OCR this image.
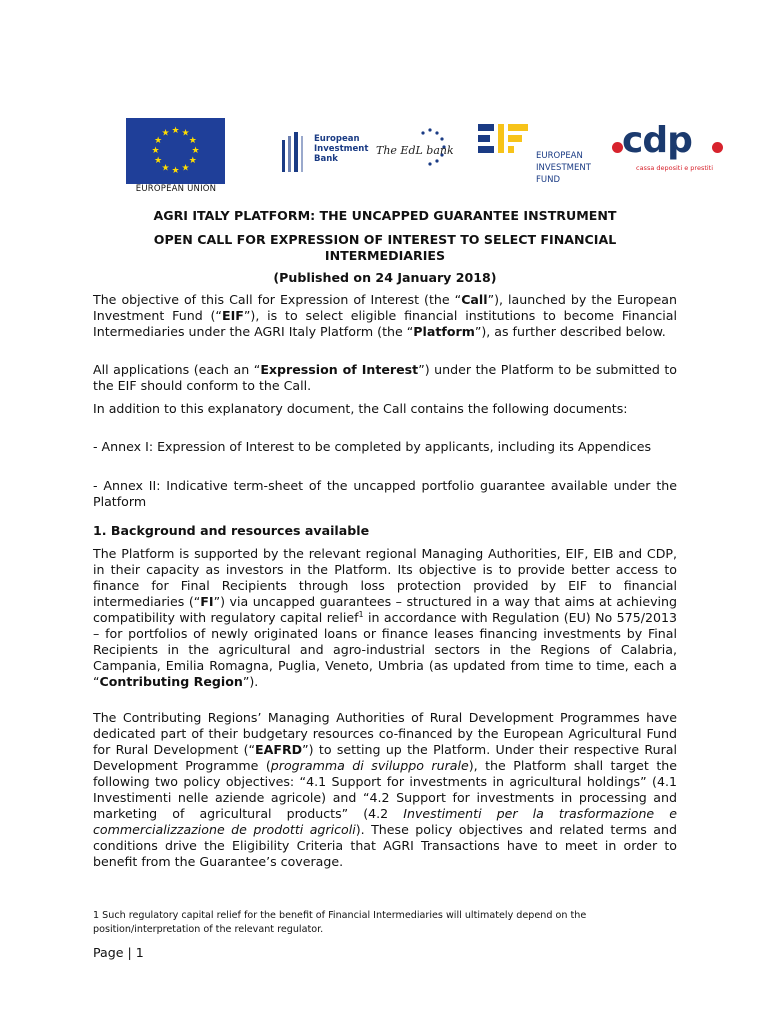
★ ★
★
★
★
★
★
★
★
★
★
★
EUROPEAN UNION
European
Investment
Bank
The EdL bank	EUROPEAN
INVESTMENT
FUND
cdp
cassa depositi e prestiti
AGRI ITALY PLATFORM: THE UNCAPPED GUARANTEE INSTRUMENT
OPEN CALL FOR EXPRESSION OF INTEREST TO SELECT FINANCIAL
INTERMEDIARIES
(Published on 24 January 2018)

The objective of this Call for Expression of Interest (the “Call”), launched by the European Investment Fund (“EIF”), is to select eligible financial institutions to become Financial Intermediaries under the AGRI Italy Platform (the “Platform”), as further described below.

All applications (each an “Expression of Interest”) under the Platform to be submitted to the EIF should conform to the Call.

In addition to this explanatory document, the Call contains the following documents:

- Annex I: Expression of Interest to be completed by applicants, including its Appendices

- Annex II: Indicative term-sheet of the uncapped portfolio guarantee available under the Platform

1. Background and resources available

The Platform is supported by the relevant regional Managing Authorities, EIF, EIB and CDP, in their capacity as investors in the Platform. Its objective is to provide better access to finance for Final Recipients through loss protection provided by EIF to financial intermediaries (“FI”) via uncapped guarantees – structured in a way that aims at achieving compatibility with regulatory capital relief$^1$ in accordance with Regulation (EU) No 575/2013 – for portfolios of newly originated loans or finance leases financing investments by Final Recipients in the agricultural and agro-industrial sectors in the Regions of Calabria, Campania, Emilia Romagna, Puglia, Veneto, Umbria (as updated from time to time, each a “Contributing Region”).

The Contributing Regions’ Managing Authorities of Rural Development Programmes have dedicated part of their budgetary resources co-financed by the European Agricultural Fund for Rural Development (“EAFRD”) to setting up the Platform. Under their respective Rural Development Programme (programma di sviluppo rurale), the Platform shall target the following two policy objectives: “4.1 Support for investments in agricultural holdings” (4.1 Investimenti nelle aziende agricole) and “4.2 Support for investments in processing and marketing of agricultural products” (4.2 Investimenti per la trasformazione e commercializzazione de prodotti agricoli). These policy objectives and related terms and conditions drive the Eligibility Criteria that AGRI Transactions have to meet in order to benefit from the Guarantee’s coverage.

1 Such regulatory capital relief for the benefit of Financial Intermediaries will ultimately depend on the position/interpretation of the relevant regulator.
Page | 1
